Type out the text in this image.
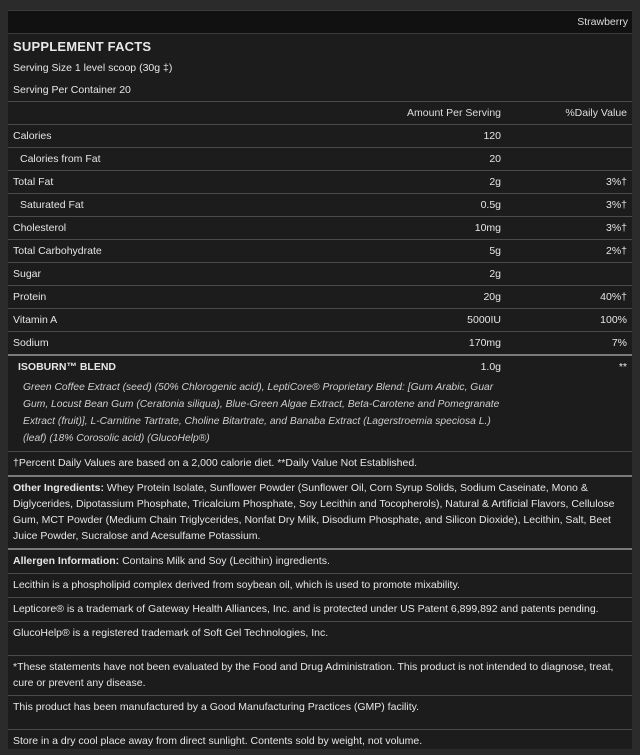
Strawberry
SUPPLEMENT FACTS
Serving Size 1 level scoop (30g ‡)
Serving Per Container 20
Amount Per Serving	%Daily Value
Calories	120
Calories from Fat	20
Total Fat	2g	3%†
Saturated Fat	0.5g	3%†
Cholesterol	10mg	3%†
Total Carbohydrate	5g	2%†
Sugar	2g
Protein	20g	40%†
Vitamin A	5000IU	100%
Sodium	170mg	7%
ISOBURN™ BLEND	1.0g	**
Green Coffee Extract (seed) (50% Chlorogenic acid), LeptiCore® Proprietary Blend: [Gum Arabic, Guar Gum, Locust Bean Gum (Ceratonia siliqua), Blue-Green Algae Extract, Beta-Carotene and Pomegranate Extract (fruit)], L-Carnitine Tartrate, Choline Bitartrate, and Banaba Extract (Lagerstroemia speciosa L.) (leaf) (18% Corosolic acid) (GlucoHelp®)
†Percent Daily Values are based on a 2,000 calorie diet. **Daily Value Not Established.
Other Ingredients: Whey Protein Isolate, Sunflower Powder (Sunflower Oil, Corn Syrup Solids, Sodium Caseinate, Mono & Diglycerides, Dipotassium Phosphate, Tricalcium Phosphate, Soy Lecithin and Tocopherols), Natural & Artificial Flavors, Cellulose Gum, MCT Powder (Medium Chain Triglycerides, Nonfat Dry Milk, Disodium Phosphate, and Silicon Dioxide), Lecithin, Salt, Beet Juice Powder, Sucralose and Acesulfame Potassium.
Allergen Information: Contains Milk and Soy (Lecithin) ingredients.
Lecithin is a phospholipid complex derived from soybean oil, which is used to promote mixability.
Lepticore® is a trademark of Gateway Health Alliances, Inc. and is protected under US Patent 6,899,892 and patents pending.
GlucoHelp® is a registered trademark of Soft Gel Technologies, Inc.
*These statements have not been evaluated by the Food and Drug Administration. This product is not intended to diagnose, treat, cure or prevent any disease.
This product has been manufactured by a Good Manufacturing Practices (GMP) facility.
Store in a dry cool place away from direct sunlight. Contents sold by weight, not volume.
